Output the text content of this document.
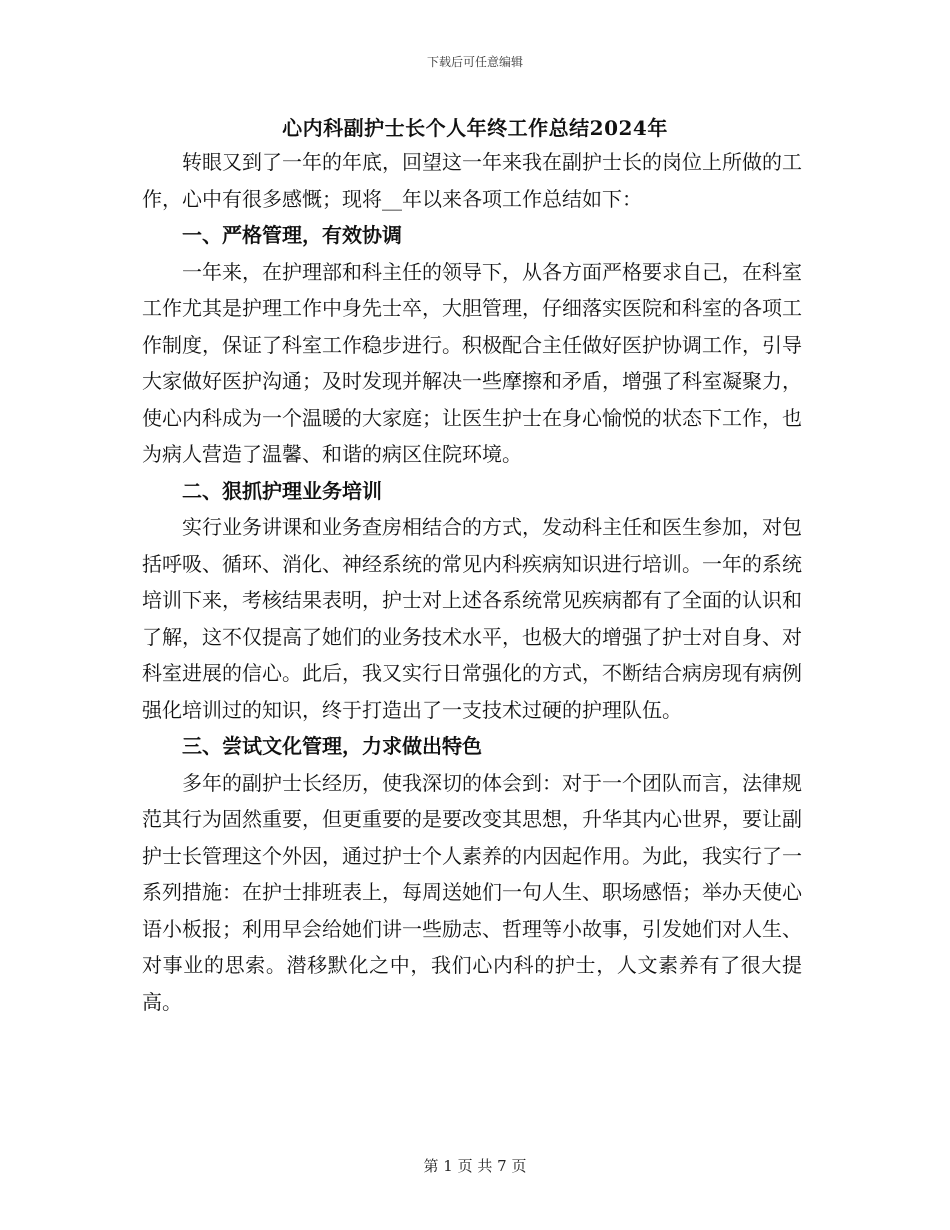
下载后可任意编辑
心内科副护士长个人年终工作总结2024年

转眼又到了一年的年底，回望这一年来我在副护士长的岗位上所做的工作，心中有很多感慨；现将__年以来各项工作总结如下：

一、严格管理，有效协调

一年来，在护理部和科主任的领导下，从各方面严格要求自己，在科室工作尤其是护理工作中身先士卒，大胆管理，仔细落实医院和科室的各项工作制度，保证了科室工作稳步进行。积极配合主任做好医护协调工作，引导大家做好医护沟通；及时发现并解决一些摩擦和矛盾，增强了科室凝聚力，使心内科成为一个温暖的大家庭；让医生护士在身心愉悦的状态下工作，也为病人营造了温馨、和谐的病区住院环境。

二、狠抓护理业务培训

实行业务讲课和业务查房相结合的方式，发动科主任和医生参加，对包括呼吸、循环、消化、神经系统的常见内科疾病知识进行培训。一年的系统培训下来，考核结果表明，护士对上述各系统常见疾病都有了全面的认识和了解，这不仅提高了她们的业务技术水平，也极大的增强了护士对自身、对科室进展的信心。此后，我又实行日常强化的方式，不断结合病房现有病例强化培训过的知识，终于打造出了一支技术过硬的护理队伍。

三、尝试文化管理，力求做出特色

多年的副护士长经历，使我深切的体会到：对于一个团队而言，法律规范其行为固然重要，但更重要的是要改变其思想，升华其内心世界，要让副护士长管理这个外因，通过护士个人素养的内因起作用。为此，我实行了一系列措施：在护士排班表上，每周送她们一句人生、职场感悟；举办天使心语小板报；利用早会给她们讲一些励志、哲理等小故事，引发她们对人生、对事业的思索。潜移默化之中，我们心内科的护士，人文素养有了很大提高。

第 1 页 共 7 页
